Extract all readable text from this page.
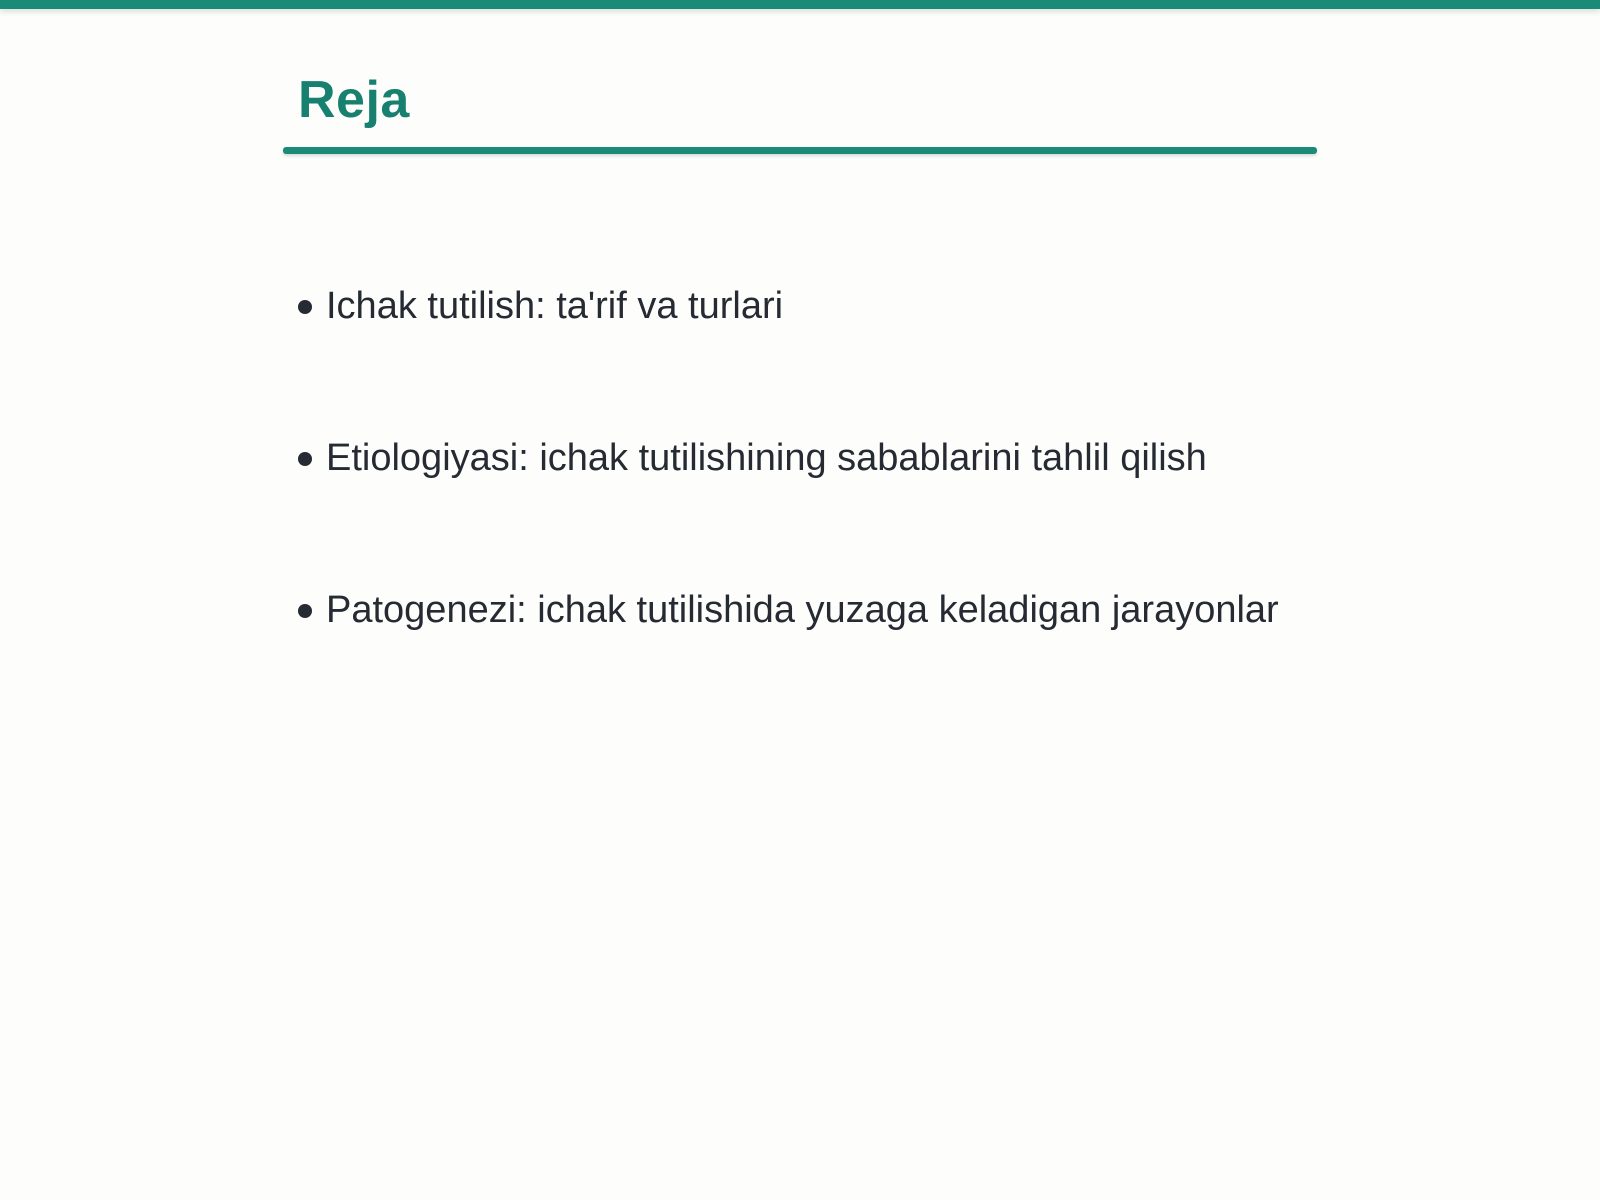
Reja
Ichak tutilish: ta'rif va turlari
Etiologiyasi: ichak tutilishining sabablarini tahlil qilish
Patogenezi: ichak tutilishida yuzaga keladigan jarayonlar
